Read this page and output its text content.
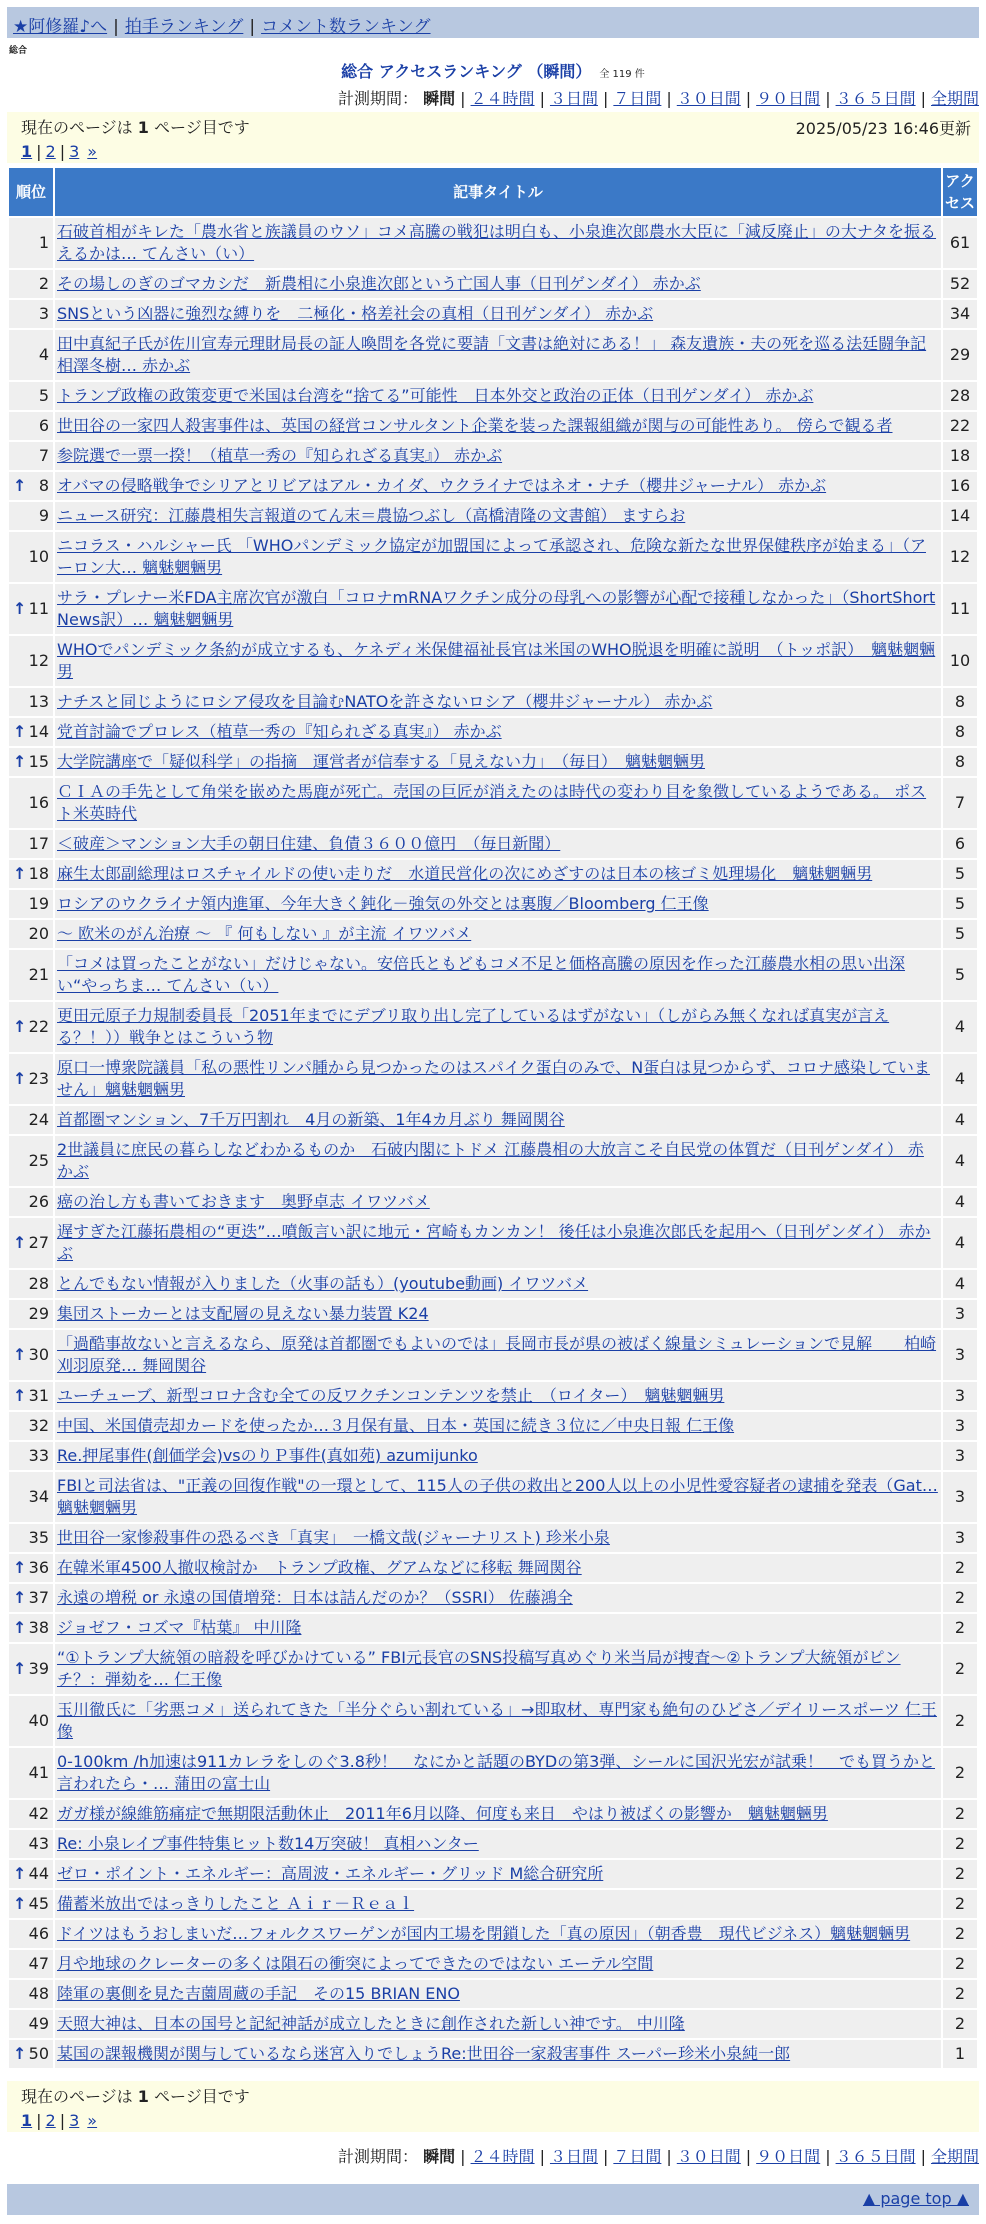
★阿修羅♪へ | 拍手ランキング | コメント数ランキング
総合
総合 アクセスランキング （瞬間） 全 119 件
計測期間： 瞬間 | ２４時間 | ３日間 | ７日間 | ３０日間 | ９０日間 | ３６５日間 | 全期間
現在のページは 1 ページ目です	2025/05/23 16:46更新
1 | 2 | 3 »
順位	記事タイトル	アクセス
1	石破首相がキレた「農水省と族議員のウソ」コメ高騰の戦犯は明白も、小泉進次郎農水大臣に「減反廃止」の大ナタを振るえるかは… てんさい（い）	61
2	その場しのぎのゴマカシだ　新農相に小泉進次郎という亡国人事（日刊ゲンダイ） 赤かぶ	52
3	SNSという凶器に強烈な縛りを　二極化・格差社会の真相（日刊ゲンダイ） 赤かぶ	34
4	田中真紀子氏が佐川宣寿元理財局長の証人喚問を各党に要請「文書は絶対にある！」 森友遺族・夫の死を巡る法廷闘争記 相澤冬樹… 赤かぶ	29
5	トランプ政権の政策変更で米国は台湾を“捨てる”可能性　日本外交と政治の正体（日刊ゲンダイ） 赤かぶ	28
6	世田谷の一家四人殺害事件は、英国の経営コンサルタント企業を装った課報組織が関与の可能性あり。 傍らで観る者	22
7	参院選で一票一揆！（植草一秀の『知られざる真実』） 赤かぶ	18

↑ 8	オバマの侵略戦争でシリアとリビアはアル・カイダ、ウクライナではネオ・ナチ（櫻井ジャーナル） 赤かぶ	16
9	ニュース研究：江藤農相失言報道のてん末＝農協つぶし（高橋清隆の文書館） ますらお	14
10	ニコラス・ハルシャー氏 「WHOパンデミック協定が加盟国によって承認され、危険な新たな世界保健秩序が始まる」（アーロン大… 魑魅魍魎男	12

↑ 11	サラ・プレナー米FDA主席次官が激白「コロナmRNAワクチン成分の母乳への影響が心配で接種しなかった」（ShortShort News訳）… 魑魅魍魎男	11
12	WHOでパンデミック条約が成立するも、ケネディ米保健福祉長官は米国のWHO脱退を明確に説明　（トッポ訳）　魑魅魍魎男	10
13	ナチスと同じようにロシア侵攻を目論むNATOを許さないロシア（櫻井ジャーナル） 赤かぶ	8

↑ 14	党首討論でプロレス（植草一秀の『知られざる真実』） 赤かぶ	8

↑ 15	大学院講座で「疑似科学」の指摘　運営者が信奉する「見えない力」　（毎日）　魑魅魍魎男	8
16	ＣＩＡの手先として角栄を嵌めた馬鹿が死亡。売国の巨匠が消えたのは時代の変わり目を象徴しているようである。 ポスト米英時代	7
17	＜破産＞マンション大手の朝日住建、負債３６００億円　（毎日新聞）	6

↑ 18	麻生太郎副総理はロスチャイルドの使い走りだ　水道民営化の次にめざすのは日本の核ゴミ処理場化　魑魅魍魎男	5
19	ロシアのウクライナ領内進軍、今年大きく鈍化－強気の外交とは裏腹／Bloomberg 仁王像	5
20	～ 欧米のがん治療 ～ 『 何もしない 』が主流 イワツバメ	5
21	「コメは買ったことがない」だけじゃない。安倍氏ともどもコメ不足と価格高騰の原因を作った江藤農水相の思い出深い“やっちま… てんさい（い）	5

↑ 22	更田元原子力規制委員長「2051年までにデブリ取り出し完了しているはずがない」（しがらみ無くなれば真実が言える？！））戦争とはこういう物	4

↑ 23	原口一博衆院議員「私の悪性リンパ腫から見つかったのはスパイク蛋白のみで、N蛋白は見つからず、コロナ感染していません」魑魅魍魎男	4
24	首都圏マンション、7千万円割れ　4月の新築、1年4カ月ぶり 舞岡関谷	4
25	2世議員に庶民の暮らしなどわかるものか　石破内閣にトドメ 江藤農相の大放言こそ自民党の体質だ（日刊ゲンダイ） 赤かぶ	4
26	癌の治し方も書いておきます　奥野卓志 イワツバメ	4

↑ 27	遅すぎた江藤拓農相の“更迭”…噴飯言い訳に地元・宮崎もカンカン！ 後任は小泉進次郎氏を起用へ（日刊ゲンダイ） 赤かぶ	4
28	とんでもない情報が入りました（火事の話も）(youtube動画) イワツバメ	4
29	集団ストーカーとは支配層の見えない暴力装置 K24	3

↑ 30	「過酷事故ないと言えるなら、原発は首都圏でもよいのでは」長岡市長が県の被ばく線量シミュレーションで見解　　柏崎刈羽原発… 舞岡関谷	3

↑ 31	ユーチューブ、新型コロナ含む全ての反ワクチンコンテンツを禁止　（ロイター）　魑魅魍魎男	3
32	中国、米国債売却カードを使ったか…３月保有量、日本・英国に続き３位に／中央日報 仁王像	3
33	Re.押尾事件(創価学会)vsのりＰ事件(真如苑) azumijunko	3
34	FBIと司法省は、"正義の回復作戦"の一環として、115人の子供の救出と200人以上の小児性愛容疑者の逮捕を発表（Gat… 魑魅魍魎男	3
35	世田谷一家惨殺事件の恐るべき「真実」　一橋文哉(ジャーナリスト) 珍米小泉	3

↑ 36	在韓米軍4500人撤収検討か　トランプ政権、グアムなどに移転 舞岡関谷	2

↑ 37	永遠の増税 or 永遠の国債増発：日本は詰んだのか？（SSRI） 佐藤鴻全	2

↑ 38	ジョゼフ・コズマ『枯葉』 中川隆	2

↑ 39	“①トランプ大統領の暗殺を呼びかけている” FBI元長官のSNS投稿写真めぐり米当局が捜査～②トランプ大統領がピンチ？：弾劾を… 仁王像	2
40	玉川徹氏に「劣悪コメ」送られてきた「半分ぐらい割れている」→即取材、専門家も絶句のひどさ／デイリースポーツ 仁王像	2
41	0-100km /h加速は911カレラをしのぐ3.8秒！　なにかと話題のBYDの第3弾、シールに国沢光宏が試乗！　でも買うかと言われたら・… 蒲田の富士山	2
42	ガガ様が線維筋痛症で無期限活動休止　2011年6月以降、何度も来日　やはり被ばくの影響か　魑魅魍魎男	2
43	Re: 小泉レイプ事件特集ヒット数14万突破！ 真相ハンター	2

↑ 44	ゼロ・ポイント・エネルギー：高周波・エネルギー・グリッド M総合研究所	2

↑ 45	備蓄米放出ではっきりしたこと Ａｉｒ－Ｒｅａｌ	2
46	ドイツはもうおしまいだ…フォルクスワーゲンが国内工場を閉鎖した「真の原因」（朝香豊　現代ビジネス）魑魅魍魎男	2
47	月や地球のクレーターの多くは隕石の衝突によってできたのではない エーテル空間	2
48	陸軍の裏側を見た吉薗周蔵の手記　その15 BRIAN ENO	2
49	天照大神は、日本の国号と記紀神話が成立したときに創作された新しい神です。 中川隆	2

↑ 50	某国の課報機関が関与しているなら迷宮入りでしょうRe:世田谷一家殺害事件 スーパー珍米小泉純一郎	1
現在のページは 1 ページ目です
1 | 2 | 3 »
計測期間： 瞬間 | ２４時間 | ３日間 | ７日間 | ３０日間 | ９０日間 | ３６５日間 | 全期間
▲ page top ▲
